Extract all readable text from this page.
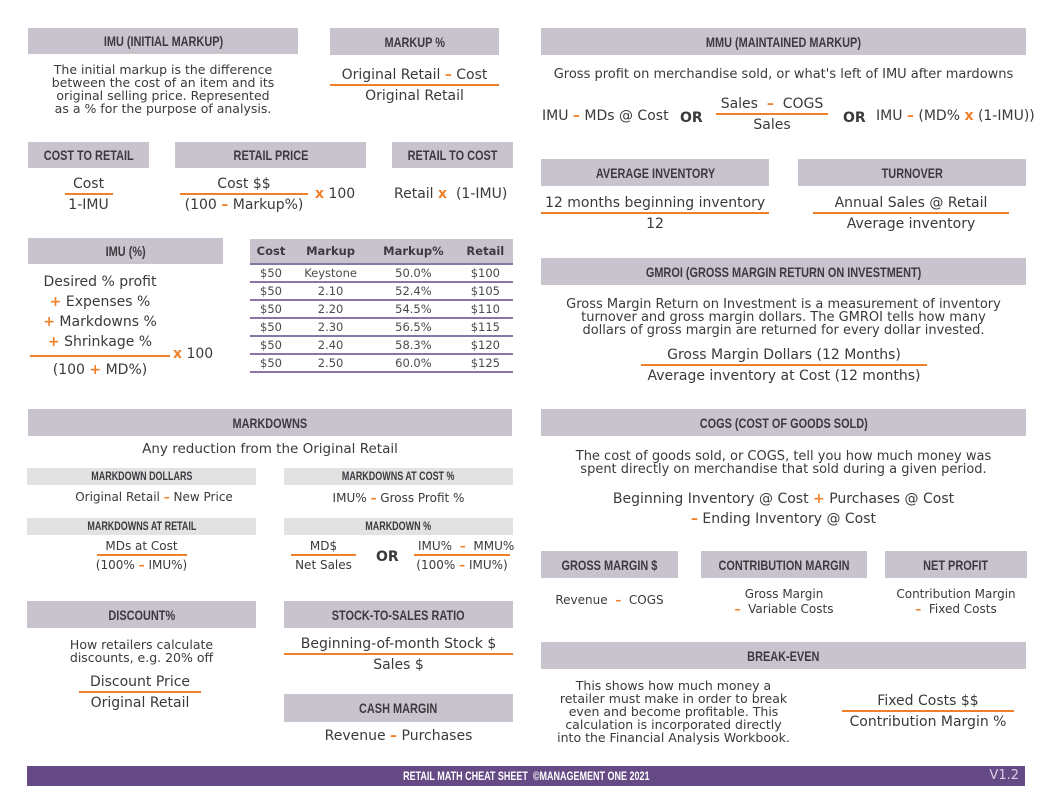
IMU (INITIAL MARKUP)
The initial markup is the difference
between the cost of an item and its
original selling price. Represented
as a % for the purpose of analysis.
MARKUP %
Original Retail – Cost
Original Retail
MMU (MAINTAINED MARKUP)
Gross profit on merchandise sold, or what's left of IMU after mardowns
IMU – MDs @ Cost OR
Sales – COGS
Sales	OR IMU – (MD% x (1-IMU))
COST TO RETAIL
Cost
1-IMU
RETAIL PRICE
Cost $$
(100 – Markup%)
x 100
RETAIL TO COST
Retail x (1-IMU)
AVERAGE INVENTORY
12 months beginning inventory
12
TURNOVER
Annual Sales @ Retail
Average inventory
IMU (%)
Desired % profit
+ Expenses %
+ Markdowns %
+ Shrinkage %
(100 + MD%)
x 100
Cost	Markup	Markup%	Retail
$50	Keystone	50.0%	$100
$50	2.10	52.4%	$105
$50	2.20	54.5%	$110
$50	2.30	56.5%	$115
$50	2.40	58.3%	$120
$50	2.50	60.0%	$125
GMROI (GROSS MARGIN RETURN ON INVESTMENT)
Gross Margin Return on Investment is a measurement of inventory
turnover and gross margin dollars. The GMROI tells how many
dollars of gross margin are returned for every dollar invested.
Gross Margin Dollars (12 Months)
Average inventory at Cost (12 months)
MARKDOWNS
Any reduction from the Original Retail
MARKDOWN DOLLARS
Original Retail – New Price
MARKDOWNS AT COST %
IMU% – Gross Profit %
MARKDOWNS AT RETAIL
MDs at Cost
(100% – IMU%)
MARKDOWN %
MD$
Net Sales OR
IMU% – MMU%
(100% – IMU%)
COGS (COST OF GOODS SOLD)
The cost of goods sold, or COGS, tell you how much money was
spent directly on merchandise that sold during a given period.
Beginning Inventory @ Cost + Purchases @ Cost
– Ending Inventory @ Cost
GROSS MARGIN $
Revenue – COGS
CONTRIBUTION MARGIN
Gross Margin
– Variable Costs
NET PROFIT
Contribution Margin
– Fixed Costs
DISCOUNT%
How retailers calculate
discounts, e.g. 20% off
Discount Price
Original Retail
STOCK-TO-SALES RATIO
Beginning-of-month Stock $
Sales $
CASH MARGIN
Revenue – Purchases
BREAK-EVEN
This shows how much money a
retailer must make in order to break
even and become profitable. This
calculation is incorporated directly
into the Financial Analysis Workbook.
Fixed Costs $$
Contribution Margin %
RETAIL MATH CHEAT SHEET  ©MANAGEMENT ONE 2021	V1.2
